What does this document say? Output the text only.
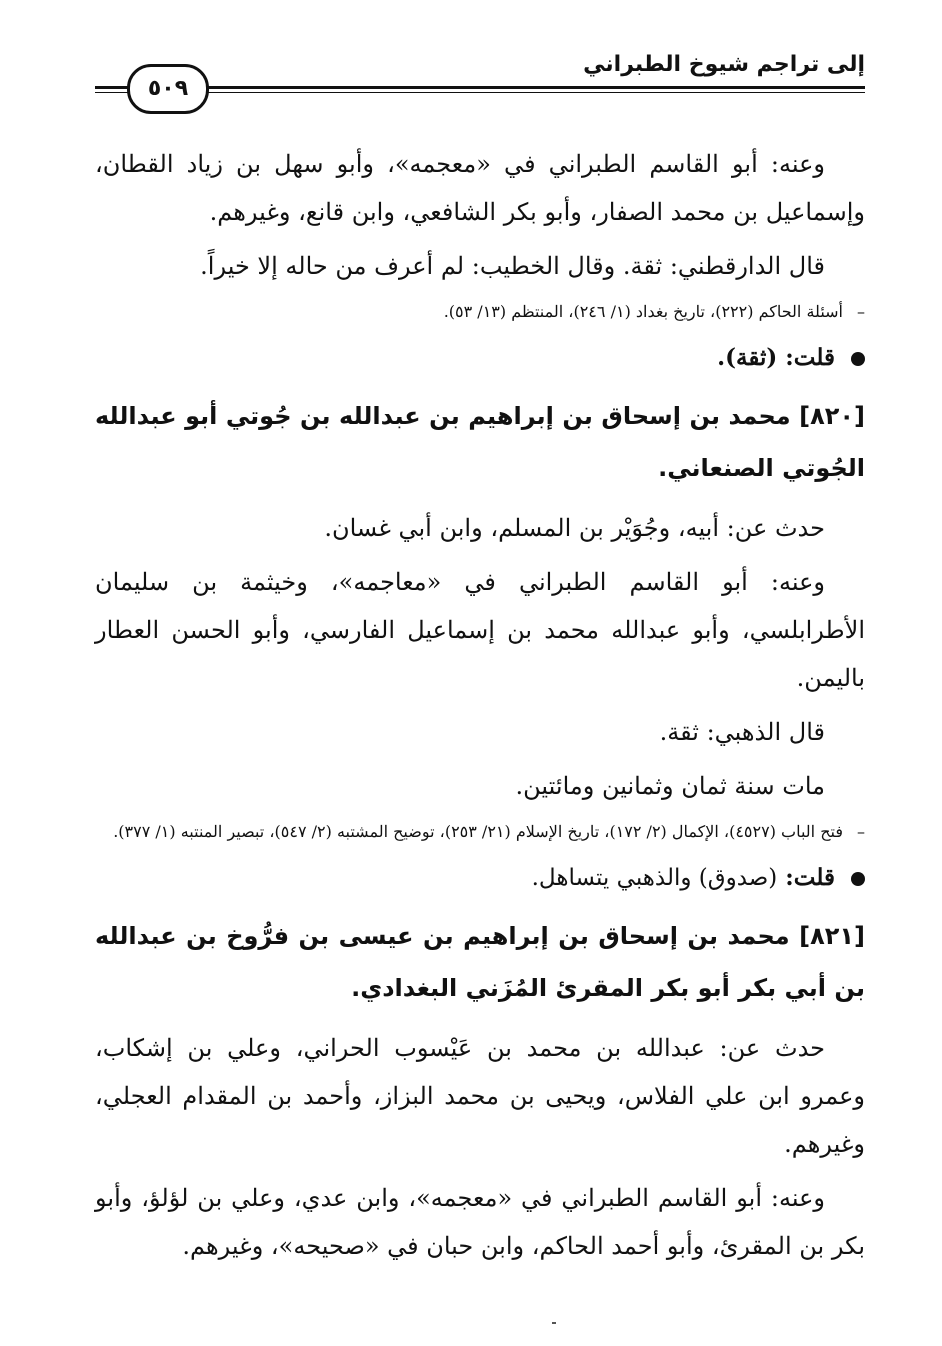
إلى تراجم شيوخ الطبراني
٥٠٩

وعنه: أبو القاسم الطبراني في «معجمه»، وأبو سهل بن زياد القطان، وإسماعيل بن محمد الصفار، وأبو بكر الشافعي، وابن قانع، وغيرهم.

قال الدارقطني: ثقة. وقال الخطيب: لم أعرف من حاله إلا خيراً.

–
أسئلة الحاكم (٢٢٢)، تاريخ بغداد (١/ ٢٤٦)، المنتظم (١٣/ ٥٣).
قلت: (ثقة).
[٨٢٠] محمد بن إسحاق بن إبراهيم بن عبدالله بن جُوتي أبو عبدالله الجُوتي الصنعاني.

حدث عن: أبيه، وجُوَيْر بن المسلم، وابن أبي غسان.

وعنه: أبو القاسم الطبراني في «معاجمه»، وخيثمة بن سليمان الأطرابلسي، وأبو عبدالله محمد بن إسماعيل الفارسي، وأبو الحسن العطار باليمن.

قال الذهبي: ثقة.

مات سنة ثمان وثمانين ومائتين.

–
فتح الباب (٤٥٢٧)، الإكمال (٢/ ١٧٢)، تاريخ الإسلام (٢١/ ٢٥٣)، توضيح المشتبه (٢/ ٥٤٧)، تبصير المنتبه (١/ ٣٧٧).
قلت: (صدوق) والذهبي يتساهل.
[٨٢١] محمد بن إسحاق بن إبراهيم بن عيسى بن فرُّوخ بن عبدالله بن أبي بكر أبو بكر المقرئ المُزَني البغدادي.

حدث عن: عبدالله بن محمد بن عَيْسوب الحراني، وعلي بن إشكاب، وعمرو ابن علي الفلاس، ويحيى بن محمد البزاز، وأحمد بن المقدام العجلي، وغيرهم.

وعنه: أبو القاسم الطبراني في «معجمه»، وابن عدي، وعلي بن لؤلؤ، وأبو بكر بن المقرئ، وأبو أحمد الحاكم، وابن حبان في «صحيحه»، وغيرهم.
